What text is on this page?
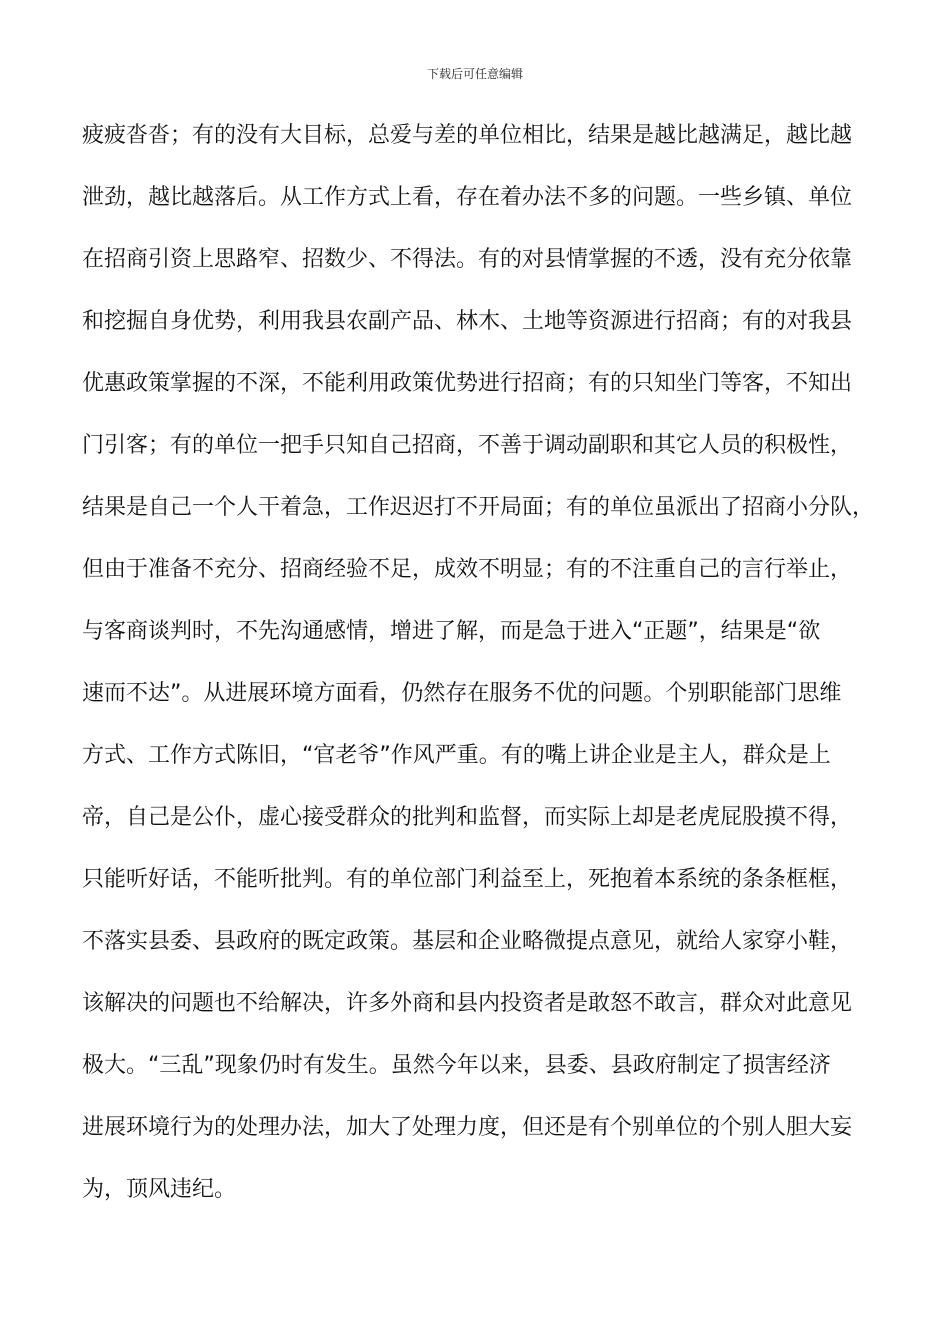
下载后可任意编辑
疲疲沓沓；有的没有大目标，总爱与差的单位相比，结果是越比越满足，越比越
泄劲，越比越落后。从工作方式上看，存在着办法不多的问题。一些乡镇、单位
在招商引资上思路窄、招数少、不得法。有的对县情掌握的不透，没有充分依靠
和挖掘自身优势，利用我县农副产品、林木、土地等资源进行招商；有的对我县
优惠政策掌握的不深，不能利用政策优势进行招商；有的只知坐门等客，不知出
门引客；有的单位一把手只知自己招商，不善于调动副职和其它人员的积极性，
结果是自己一个人干着急，工作迟迟打不开局面；有的单位虽派出了招商小分队，
但由于准备不充分、招商经验不足，成效不明显；有的不注重自己的言行举止，
与客商谈判时，不先沟通感情，增进了解，而是急于进入“正题”，结果是“欲
速而不达”。从进展环境方面看，仍然存在服务不优的问题。个别职能部门思维
方式、工作方式陈旧，“官老爷”作风严重。有的嘴上讲企业是主人，群众是上
帝，自己是公仆，虚心接受群众的批判和监督，而实际上却是老虎屁股摸不得，
只能听好话，不能听批判。有的单位部门利益至上，死抱着本系统的条条框框，
不落实县委、县政府的既定政策。基层和企业略微提点意见，就给人家穿小鞋，
该解决的问题也不给解决，许多外商和县内投资者是敢怒不敢言，群众对此意见
极大。“三乱”现象仍时有发生。虽然今年以来，县委、县政府制定了损害经济
进展环境行为的处理办法，加大了处理力度，但还是有个别单位的个别人胆大妄
为，顶风违纪。
